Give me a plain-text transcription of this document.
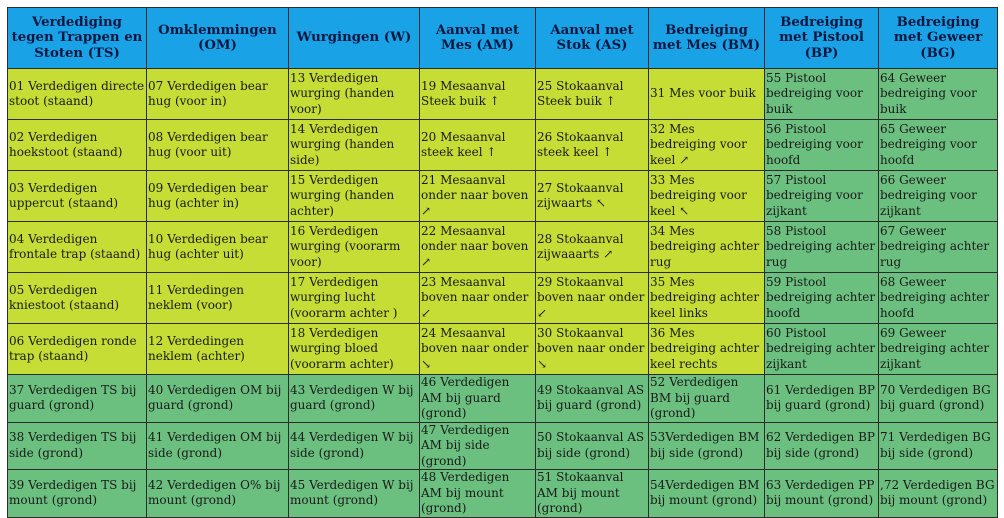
Verdediging tegen Trappen en Stoten (TS)	Omklemmingen (OM)	Wurgingen (W)	Aanval met Mes (AM)	Aanval met Stok (AS)	Bedreiging met Mes (BM)	Bedreiging met Pistool (BP)	Bedreiging met Geweer (BG)
01 Verdedigen directe stoot (staand)	07 Verdedigen bear hug (voor in)	13 Verdedigen wurging (handen voor)	19 Mesaanval Steek buik ↑	25 Stokaanval Steek buik ↑	31 Mes voor buik	55 Pistool bedreiging voor buik	64 Geweer bedreiging voor buik
02 Verdedigen hoekstoot (staand)	08 Verdedigen bear hug (voor uit)	14 Verdedigen wurging (handen side)	20 Mesaanval steek keel ↑	26 Stokaanval steek keel ↑	32 Mes bedreiging voor keel ↗	56 Pistool bedreiging voor hoofd	65 Geweer bedreiging voor hoofd
03 Verdedigen uppercut (staand)	09 Verdedigen bear hug (achter in)	15 Verdedigen wurging (handen achter)	21 Mesaanval onder naar boven ↗	27 Stokaanval zijwaarts ↖	33 Mes bedreiging voor keel ↖	57 Pistool bedreiging voor zijkant	66 Geweer bedreiging voor zijkant
04 Verdedigen frontale trap (staand)	10 Verdedigen bear hug (achter uit)	16 Verdedigen wurging (voorarm voor)	22 Mesaanval onder naar boven ↗	28 Stokaanval zijwaaarts ↗	34 Mes bedreiging achter rug	58 Pistool bedreiging achter rug	67 Geweer bedreiging achter rug
05 Verdedigen kniestoot (staand)	11 Verdedingen neklem (voor)	17 Verdedigen wurging lucht (voorarm achter )	23 Mesaanval boven naar onder ↙	29 Stokaanval boven naar onder ↙	35 Mes bedreiging achter keel links	59 Pistool bedreiging achter hoofd	68 Geweer bedreiging achter hoofd
06 Verdedigen ronde trap (staand)	12 Verdedingen neklem (achter)	18 Verdedigen wurging bloed (voorarm achter)	24 Mesaanval boven naar onder ↘	30 Stokaanval boven naar onder ↘	36 Mes bedreiging achter keel rechts	60 Pistool bedreiging achter zijkant	69 Geweer bedreiging achter zijkant
37 Verdedigen TS bij guard (grond)	40 Verdedigen OM bij guard (grond)	43 Verdedigen W bij guard (grond)	46 Verdedigen AM bij guard (grond)	49 Stokaanval AS bij guard (grond)	52 Verdedigen BM bij guard (grond)	61 Verdedigen BP bij guard (grond)	70 Verdedigen BG bij guard (grond)
38 Verdedigen TS bij side (grond)	41 Verdedigen OM bij side (grond)	44 Verdedigen W bij side (grond)	47 Verdedigen AM bij side (grond)	50 Stokaanval AS bij side (grond)	53Verdedigen BM bij side (grond)	62 Verdedigen BP bij side (grond)	71 Verdedigen BG bij side (grond)
39 Verdedigen TS bij mount (grond)	42 Verdedigen O% bij mount (grond)	45 Verdedigen W bij mount (grond)	48 Verdedigen AM bij mount (grond)	51 Stokaanval AM bij mount (grond)	54Verdedigen BM bij mount (grond)	63 Verdedigen PP bij mount (grond)	,72 Verdedigen BG bij mount (grond)
